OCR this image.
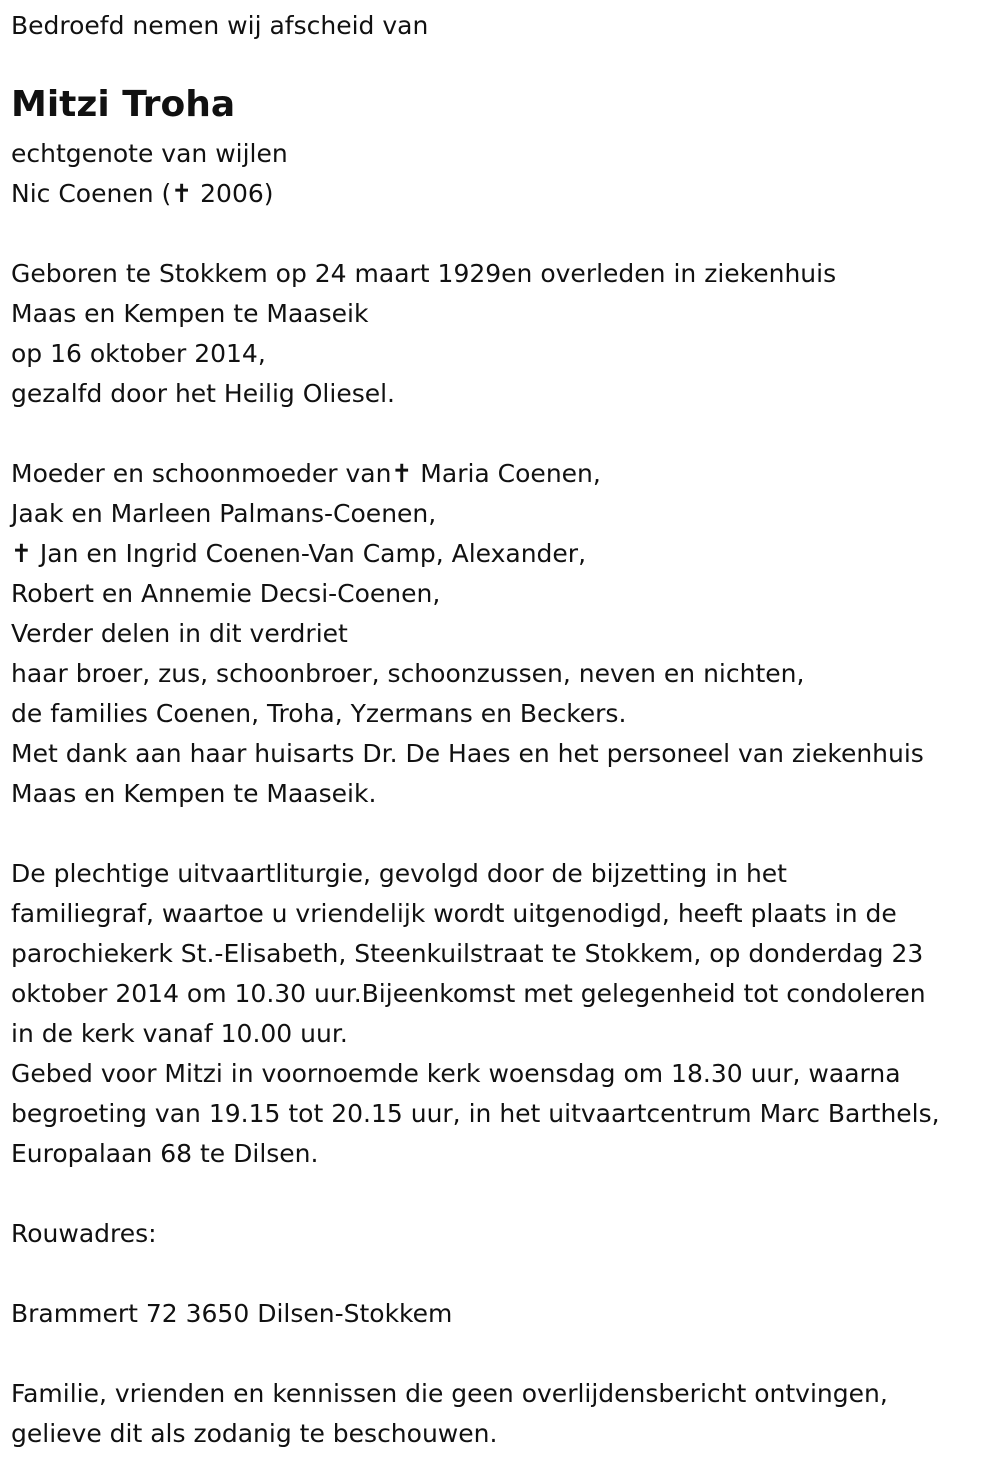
Bedroefd nemen wij afscheid van
Mitzi Troha
echtgenote van wijlen
Nic Coenen (✝ 2006)
Geboren te Stokkem op 24 maart 1929en overleden in ziekenhuis
Maas en Kempen te Maaseik
op 16 oktober 2014,
gezalfd door het Heilig Oliesel.
Moeder en schoonmoeder van✝ Maria Coenen,
Jaak en Marleen Palmans-Coenen,
✝ Jan en Ingrid Coenen-Van Camp, Alexander,
Robert en Annemie Decsi-Coenen,
Verder delen in dit verdriet
haar broer, zus, schoonbroer, schoonzussen, neven en nichten,
de families Coenen, Troha, Yzermans en Beckers.
Met dank aan haar huisarts Dr. De Haes en het personeel van ziekenhuis
Maas en Kempen te Maaseik.
De plechtige uitvaartliturgie, gevolgd door de bijzetting in het
familiegraf, waartoe u vriendelijk wordt uitgenodigd, heeft plaats in de
parochiekerk St.-Elisabeth, Steenkuilstraat te Stokkem, op donderdag 23
oktober 2014 om 10.30 uur.Bijeenkomst met gelegenheid tot condoleren
in de kerk vanaf 10.00 uur.
Gebed voor Mitzi in voornoemde kerk woensdag om 18.30 uur, waarna
begroeting van 19.15 tot 20.15 uur, in het uitvaartcentrum Marc Barthels,
Europalaan 68 te Dilsen.
Rouwadres:
Brammert 72 3650 Dilsen-Stokkem
Familie, vrienden en kennissen die geen overlijdensbericht ontvingen,
gelieve dit als zodanig te beschouwen.
